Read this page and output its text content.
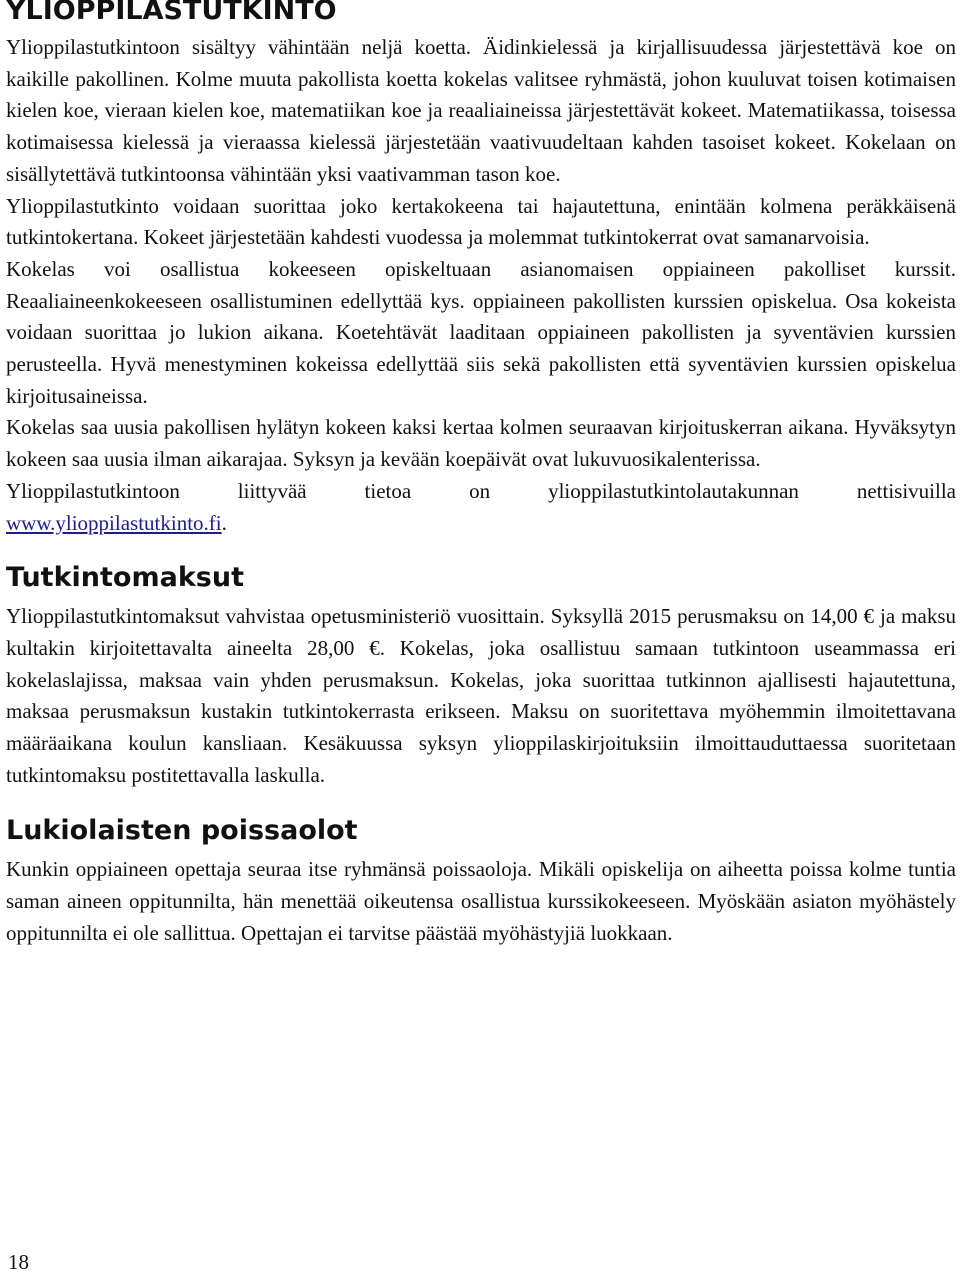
YLIOPPILASTUTKINTO

Ylioppilastutkintoon sisältyy vähintään neljä koetta. Äidinkielessä ja kirjallisuudessa järjestettävä koe on kaikille pakollinen. Kolme muuta pakollista koetta kokelas valitsee ryhmästä, johon kuuluvat toisen kotimaisen kielen koe, vieraan kielen koe, matematiikan koe ja reaaliaineissa järjestettävät kokeet. Matematiikassa, toisessa kotimaisessa kielessä ja vieraassa kielessä järjestetään vaativuudeltaan kahden tasoiset kokeet. Kokelaan on sisällytettävä tutkintoonsa vähintään yksi vaativamman tason koe.

Ylioppilastutkinto voidaan suorittaa joko kertakokeena tai hajautettuna, enintään kolmena peräkkäisenä tutkintokertana. Kokeet järjestetään kahdesti vuodessa ja molemmat tutkintokerrat ovat samanarvoisia.

Kokelas voi osallistua kokeeseen opiskeltuaan asianomaisen oppiaineen pakolliset kurssit. Reaaliaineenkokeeseen osallistuminen edellyttää kys. oppiaineen pakollisten kurssien opiskelua. Osa kokeista voidaan suorittaa jo lukion aikana. Koetehtävät laaditaan oppiaineen pakollisten ja syventävien kurssien perusteella. Hyvä menestyminen kokeissa edellyttää siis sekä pakollisten että syventävien kurssien opiskelua kirjoitusaineissa.

Kokelas saa uusia pakollisen hylätyn kokeen kaksi kertaa kolmen seuraavan kirjoituskerran aikana. Hyväksytyn kokeen saa uusia ilman aikarajaa. Syksyn ja kevään koepäivät ovat lukuvuosikalenterissa.

Ylioppilastutkintoon liittyvää tietoa on ylioppilastutkintolautakunnan nettisivuilla
www.ylioppilastutkinto.fi.

Tutkintomaksut

Ylioppilastutkintomaksut vahvistaa opetusministeriö vuosittain. Syksyllä 2015 perusmaksu on 14,00 € ja maksu kultakin kirjoitettavalta aineelta 28,00 €. Kokelas, joka osallistuu samaan tutkintoon useammassa eri kokelaslajissa, maksaa vain yhden perusmaksun. Kokelas, joka suorittaa tutkinnon ajallisesti hajautettuna, maksaa perusmaksun kustakin tutkintokerrasta erikseen. Maksu on suoritettava myöhemmin ilmoitettavana määräaikana koulun kansliaan. Kesäkuussa syksyn ylioppilaskirjoituksiin ilmoittauduttaessa suoritetaan tutkintomaksu postitettavalla laskulla.

Lukiolaisten poissaolot

Kunkin oppiaineen opettaja seuraa itse ryhmänsä poissaoloja. Mikäli opiskelija on aiheetta poissa kolme tuntia saman aineen oppitunnilta, hän menettää oikeutensa osallistua kurssikokeeseen. Myöskään asiaton myöhästely oppitunnilta ei ole sallittua. Opettajan ei tarvitse päästää myöhästyjiä luokkaan.

18
